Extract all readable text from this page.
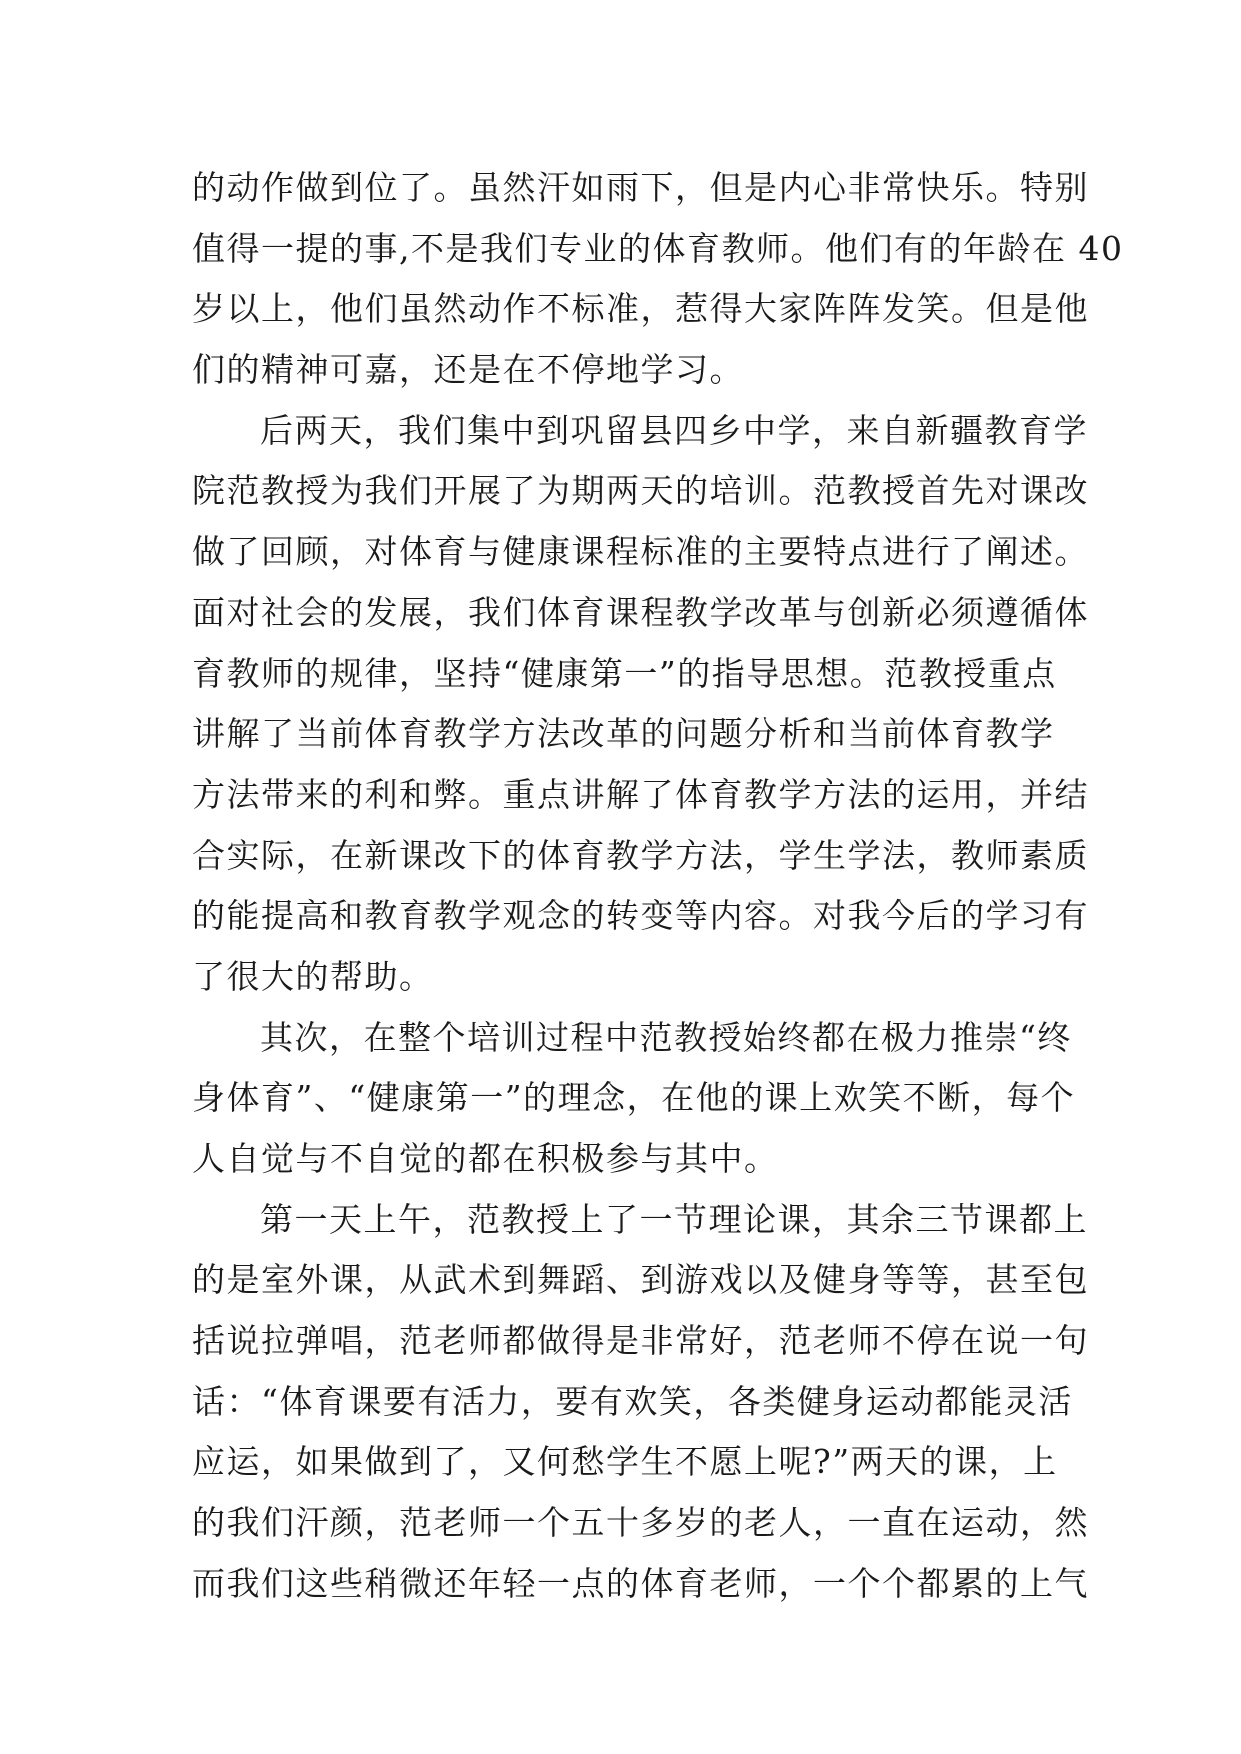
的动作做到位了。虽然汗如雨下，但是内心非常快乐。特别
值得一提的事,不是我们专业的体育教师。他们有的年龄在 40
岁以上，他们虽然动作不标准，惹得大家阵阵发笑。但是他
们的精神可嘉，还是在不停地学习。
后两天，我们集中到巩留县四乡中学，来自新疆教育学
院范教授为我们开展了为期两天的培训。范教授首先对课改
做了回顾，对体育与健康课程标准的主要特点进行了阐述。
面对社会的发展，我们体育课程教学改革与创新必须遵循体
育教师的规律，坚持“健康第一”的指导思想。范教授重点
讲解了当前体育教学方法改革的问题分析和当前体育教学
方法带来的利和弊。重点讲解了体育教学方法的运用，并结
合实际，在新课改下的体育教学方法，学生学法，教师素质
的能提高和教育教学观念的转变等内容。对我今后的学习有
了很大的帮助。
其次，在整个培训过程中范教授始终都在极力推崇“终
身体育”、“健康第一”的理念，在他的课上欢笑不断，每个
人自觉与不自觉的都在积极参与其中。
第一天上午，范教授上了一节理论课，其余三节课都上
的是室外课，从武术到舞蹈、到游戏以及健身等等，甚至包
括说拉弹唱，范老师都做得是非常好，范老师不停在说一句
话：“体育课要有活力，要有欢笑，各类健身运动都能灵活
应运，如果做到了，又何愁学生不愿上呢?”两天的课，上
的我们汗颜，范老师一个五十多岁的老人，一直在运动，然
而我们这些稍微还年轻一点的体育老师，一个个都累的上气
